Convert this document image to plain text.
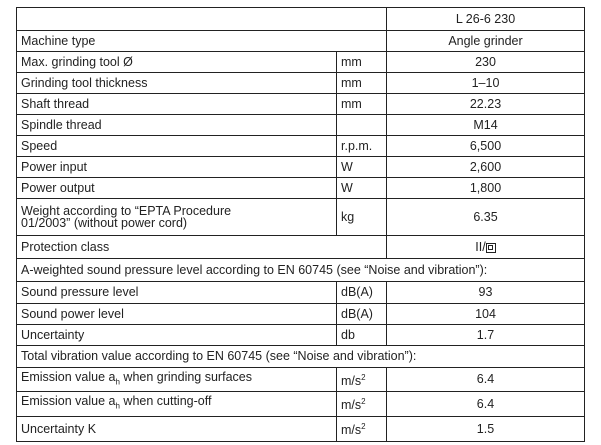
		L 26-6 230
Machine type		Angle grinder
Max. grinding tool Ø	mm	230
Grinding tool thickness	mm	1–10
Shaft thread	mm	22.23
Spindle thread		M14
Speed	r.p.m.	6,500
Power input	W	2,600
Power output	W	1,800

Weight according to “EPTA Procedure 01/2003” (without power cord)	kg	6.35
Protection class		II/
A-weighted sound pressure level according to EN 60745 (see “Noise and vibration”):		
Sound pressure level	dB(A)	93
Sound power level	dB(A)	104
Uncertainty	db	1.7
Total vibration value according to EN 60745 (see “Noise and vibration”):		
Emission value $a_h$ when grinding surfaces	$m/s^2$	6.4
Emission value $a_h$ when cutting-off	$m/s^2$	6.4
Uncertainty K	$m/s^2$	1.5
